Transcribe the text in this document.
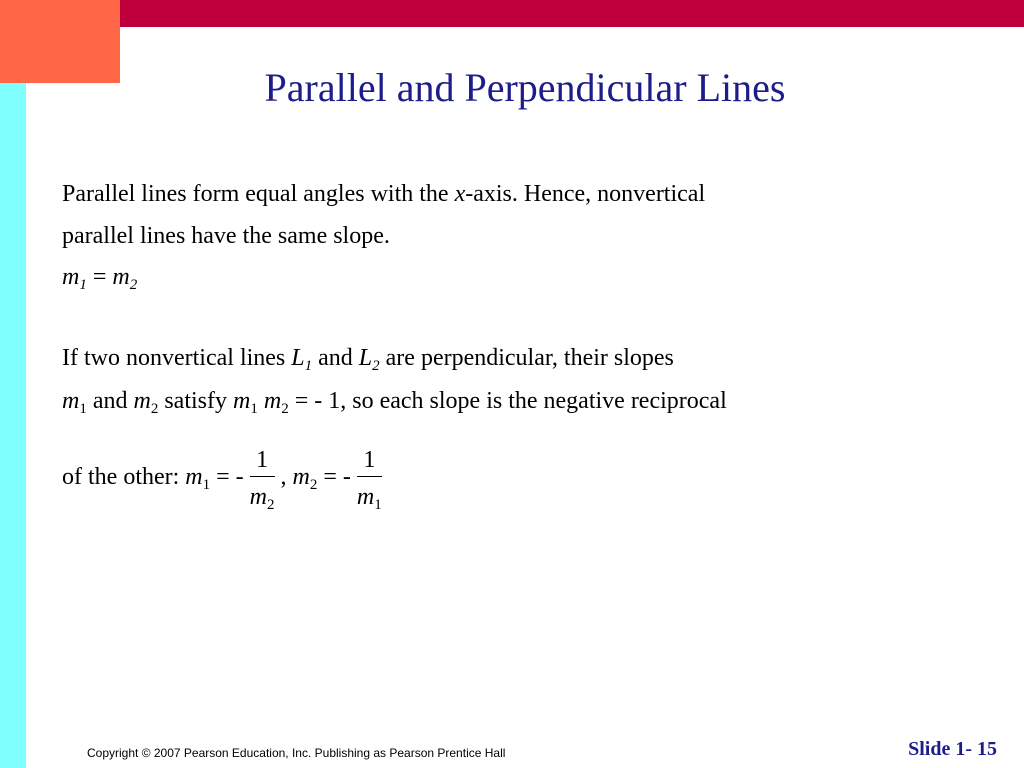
Parallel and Perpendicular Lines
Parallel lines form equal angles with the x-axis. Hence, nonvertical
parallel lines have the same slope.
$m_1 = m_2$
If two nonvertical lines $L_1$ and $L_2$ are perpendicular, their slopes
$m_1$ and $m_2$ satisfy $m_1$ $m_2$ = - 1, so each slope is the negative reciprocal
of the other: $m_1$ = - $\frac{1}{m_2}$ , $m_2$ = - $\frac{1}{m_1}$
Copyright © 2007 Pearson Education, Inc. Publishing as Pearson Prentice Hall	Slide 1- 15
